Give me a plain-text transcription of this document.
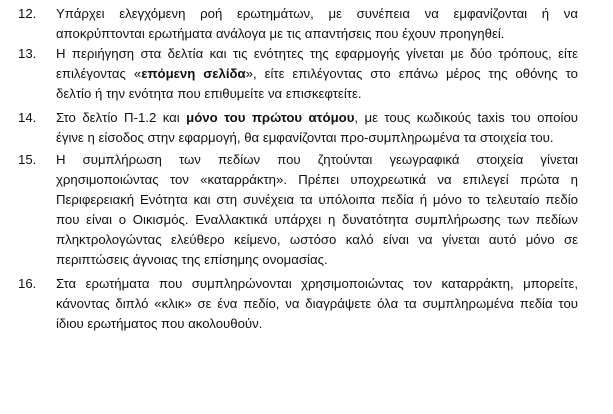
12.	Υπάρχει ελεγχόμενη ροή ερωτημάτων, με συνέπεια να εμφανίζονται ή να
αποκρύπτονται ερωτήματα ανάλογα με τις απαντήσεις που έχουν προηγηθεί.
13.	Η περιήγηση στα δελτία και τις ενότητες της εφαρμογής γίνεται με δύο τρόπους, είτε
επιλέγοντας «επόμενη σελίδα», είτε επιλέγοντας στο επάνω μέρος της οθόνης το
δελτίο ή την ενότητα που επιθυμείτε να επισκεφτείτε.
14.	Στο δελτίο Π-1.2 και μόνο του πρώτου ατόμου, με τους κωδικούς taxis του οποίου
έγινε η είσοδος στην εφαρμογή, θα εμφανίζονται προ-συμπληρωμένα τα στοιχεία του.
15.	Η συμπλήρωση των πεδίων που ζητούνται γεωγραφικά στοιχεία γίνεται
χρησιμοποιώντας τον «καταρράκτη». Πρέπει υποχρεωτικά να επιλεγεί πρώτα η
Περιφερειακή Ενότητα και στη συνέχεια τα υπόλοιπα πεδία ή μόνο το τελευταίο πεδίο
που είναι ο Οικισμός. Εναλλακτικά υπάρχει η δυνατότητα συμπλήρωσης των πεδίων
πληκτρολογώντας ελεύθερο κείμενο, ωστόσο καλό είναι να γίνεται αυτό μόνο σε
περιπτώσεις άγνοιας της επίσημης ονομασίας.
16.	Στα ερωτήματα που συμπληρώνονται χρησιμοποιώντας τον καταρράκτη, μπορείτε,
κάνοντας διπλό «κλικ» σε ένα πεδίο, να διαγράψετε όλα τα συμπληρωμένα πεδία του
ίδιου ερωτήματος που ακολουθούν.
